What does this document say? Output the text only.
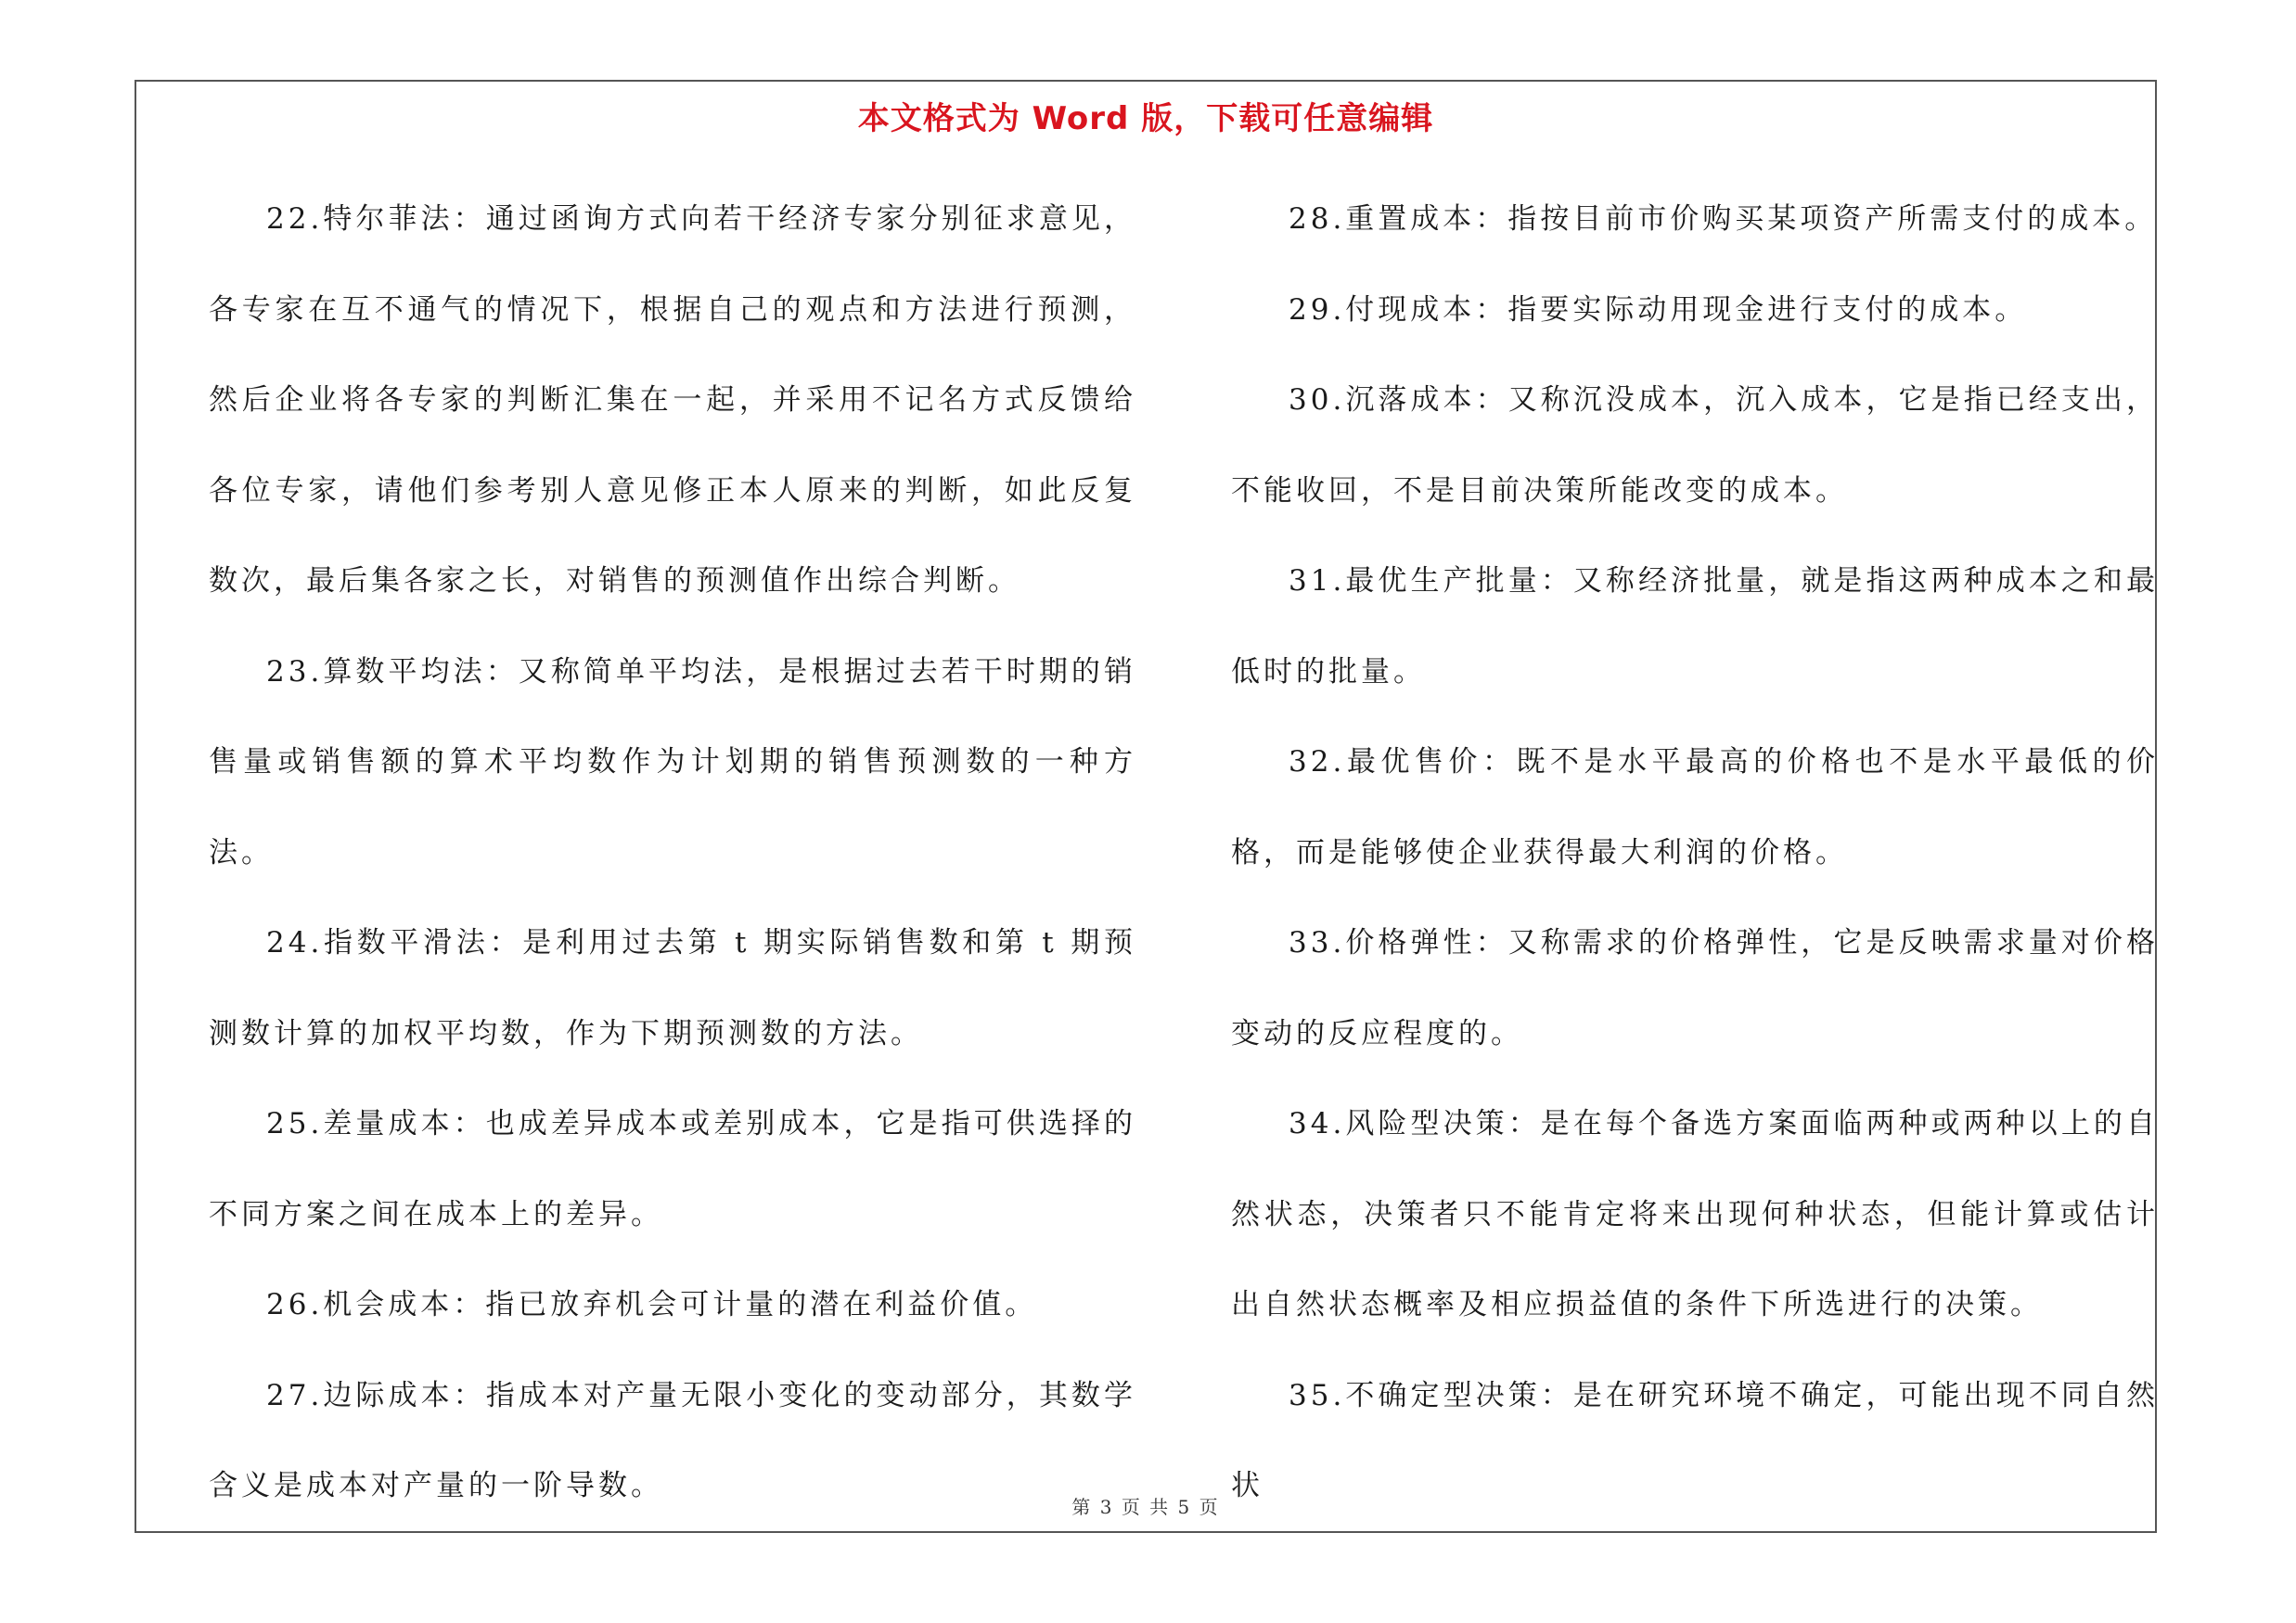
本文格式为 Word 版，下载可任意编辑

22.特尔菲法：通过函询方式向若干经济专家分别征求意见，各专家在互不通气的情况下，根据自己的观点和方法进行预测，然后企业将各专家的判断汇集在一起，并采用不记名方式反馈给各位专家，请他们参考别人意见修正本人原来的判断，如此反复数次，最后集各家之长，对销售的预测值作出综合判断。

23.算数平均法：又称简单平均法，是根据过去若干时期的销售量或销售额的算术平均数作为计划期的销售预测数的一种方法。

24.指数平滑法：是利用过去第 t 期实际销售数和第 t 期预测数计算的加权平均数，作为下期预测数的方法。

25.差量成本：也成差异成本或差别成本，它是指可供选择的不同方案之间在成本上的差异。

26.机会成本：指已放弃机会可计量的潜在利益价值。

27.边际成本：指成本对产量无限小变化的变动部分，其数学含义是成本对产量的一阶导数。

28.重置成本：指按目前市价购买某项资产所需支付的成本。

29.付现成本：指要实际动用现金进行支付的成本。

30.沉落成本：又称沉没成本，沉入成本，它是指已经支出，不能收回，不是目前决策所能改变的成本。

31.最优生产批量：又称经济批量，就是指这两种成本之和最低时的批量。

32.最优售价：既不是水平最高的价格也不是水平最低的价格，而是能够使企业获得最大利润的价格。

33.价格弹性：又称需求的价格弹性，它是反映需求量对价格变动的反应程度的。

34.风险型决策：是在每个备选方案面临两种或两种以上的自然状态，决策者只不能肯定将来出现何种状态，但能计算或估计出自然状态概率及相应损益值的条件下所选进行的决策。

35.不确定型决策：是在研究环境不确定，可能出现不同自然状

第 3 页 共 5 页
